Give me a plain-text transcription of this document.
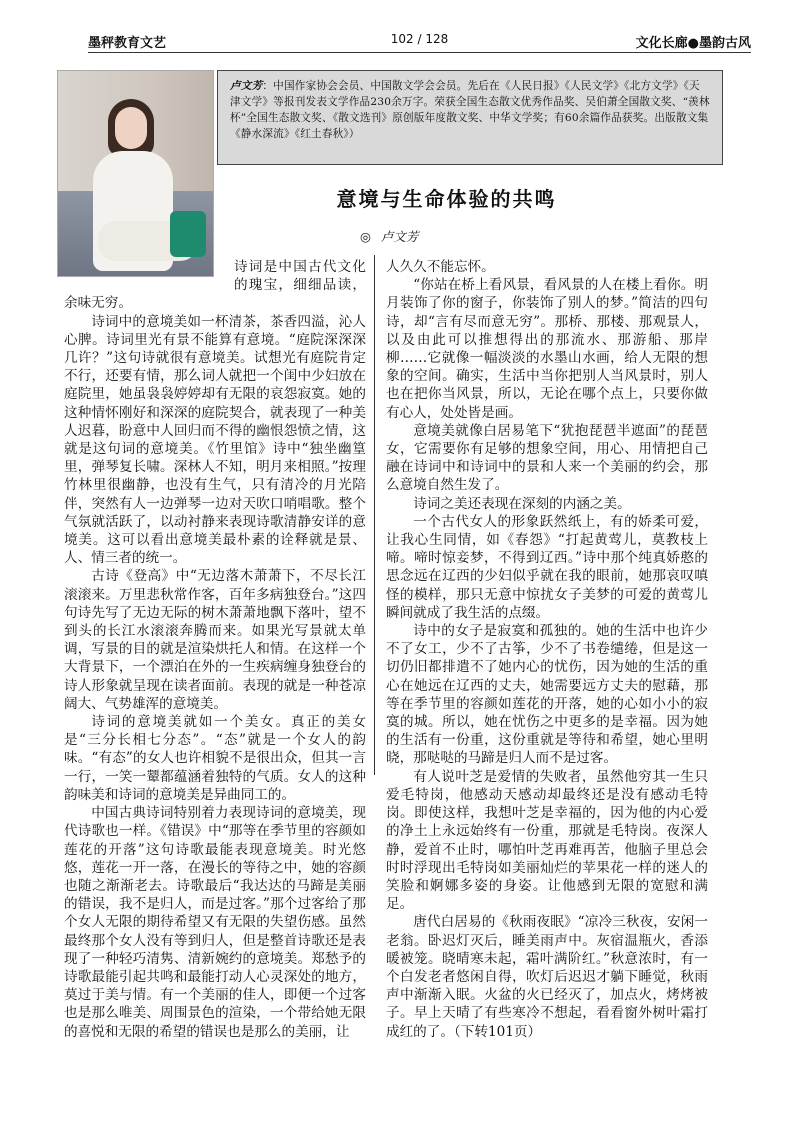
墨秤教育文艺	102 / 128	文化长廊●墨韵古风
卢文芳：中国作家协会会员、中国散文学会会员。先后在《人民日报》《人民文学》《北方文学》《天津文学》等报刊发表文学作品230余万字。荣获全国生态散文优秀作品奖、吴伯萧全国散文奖、“羡林杯”全国生态散文奖、《散文选刊》原创版年度散文奖、中华文学奖；有60余篇作品获奖。出版散文集《静水深流》《红土春秋》）
意境与生命体验的共鸣
◎ 卢文芳

诗词是中国古代文化的瑰宝，细细品读，余味无穷。

诗词中的意境美如一杯清茶，茶香四溢，沁人心脾。诗词里光有景不能算有意境。“庭院深深深几许？”这句诗就很有意境美。试想光有庭院肯定不行，还要有情，那么词人就把一个闺中少妇放在庭院里，她虽袅袅婷婷却有无限的哀怨寂寞。她的这种情怀刚好和深深的庭院契合，就表现了一种美人迟暮，盼意中人回归而不得的幽恨怨愤之情，这就是这句词的意境美。《竹里馆》诗中“独坐幽篁里，弹琴复长啸。深林人不知，明月来相照。”按理竹林里很幽静，也没有生气，只有清冷的月光陪伴，突然有人一边弹琴一边对天吹口哨唱歌。整个气氛就活跃了，以动衬静来表现诗歌清静安详的意境美。这可以看出意境美最朴素的诠释就是景、人、情三者的统一。

古诗《登高》中“无边落木萧萧下，不尽长江滚滚来。万里悲秋常作客，百年多病独登台。”这四句诗先写了无边无际的树木萧萧地飘下落叶，望不到头的长江水滚滚奔腾而来。如果光写景就太单调，写景的目的就是渲染烘托人和情。在这样一个大背景下，一个漂泊在外的一生疾病缠身独登台的诗人形象就呈现在读者面前。表现的就是一种苍凉阔大、气势雄浑的意境美。

诗词的意境美就如一个美女。真正的美女是“三分长相七分态”。“态”就是一个女人的韵味。“有态”的女人也许相貌不是很出众，但其一言一行，一笑一颦都蕴涵着独特的气质。女人的这种韵味美和诗词的意境美是异曲同工的。

中国古典诗词特别着力表现诗词的意境美，现代诗歌也一样。《错误》中“那等在季节里的容颜如莲花的开落”这句诗歌最能表现意境美。时光悠悠，莲花一开一落，在漫长的等待之中，她的容颜也随之渐渐老去。诗歌最后“我达达的马蹄是美丽的错误，我不是归人，而是过客。”那个过客给了那个女人无限的期待希望又有无限的失望伤感。虽然最终那个女人没有等到归人，但是整首诗歌还是表现了一种轻巧清隽、清新婉约的意境美。郑愁予的诗歌最能引起共鸣和最能打动人心灵深处的地方，莫过于美与情。有一个美丽的佳人，即便一个过客也是那么唯美、周围景色的渲染，一个带给她无限的喜悦和无限的希望的错误也是那么的美丽，让

人久久不能忘怀。

“你站在桥上看风景，看风景的人在楼上看你。明月装饰了你的窗子，你装饰了别人的梦。”简洁的四句诗，却“言有尽而意无穷”。那桥、那楼、那观景人，以及由此可以推想得出的那流水、那游船、那岸柳……它就像一幅淡淡的水墨山水画，给人无限的想象的空间。确实，生活中当你把别人当风景时，别人也在把你当风景，所以，无论在哪个点上，只要你做有心人，处处皆是画。

意境美就像白居易笔下“犹抱琵琶半遮面”的琵琶女，它需要你有足够的想象空间，用心、用情把自己融在诗词中和诗词中的景和人来一个美丽的约会，那么意境自然生发了。

诗词之美还表现在深刻的内涵之美。

一个古代女人的形象跃然纸上，有的娇柔可爱，让我心生同情，如《春怨》“打起黄莺儿，莫教枝上啼。啼时惊妾梦，不得到辽西。”诗中那个纯真娇憨的思念远在辽西的少妇似乎就在我的眼前，她那哀叹嗔怪的模样，那只无意中惊扰女子美梦的可爱的黄莺儿瞬间就成了我生活的点缀。

诗中的女子是寂寞和孤独的。她的生活中也许少不了女工，少不了古筝，少不了书卷缱绻，但是这一切仍旧都排遣不了她内心的忧伤，因为她的生活的重心在她远在辽西的丈夫，她需要远方丈夫的慰藉，那等在季节里的容颜如莲花的开落，她的心如小小的寂寞的城。所以，她在忧伤之中更多的是幸福。因为她的生活有一份重，这份重就是等待和希望，她心里明晓，那哒哒的马蹄是归人而不是过客。

有人说叶芝是爱情的失败者，虽然他穷其一生只爱毛特岗，他感动天感动却最终还是没有感动毛特岗。即使这样，我想叶芝是幸福的，因为他的内心爱的净土上永远始终有一份重，那就是毛特岗。夜深人静，爱首不止时，哪怕叶芝再难再苦，他脑子里总会时时浮现出毛特岗如美丽灿烂的苹果花一样的迷人的笑脸和婀娜多姿的身姿。让他感到无限的宽慰和满足。

唐代白居易的《秋雨夜眠》“凉冷三秋夜，安闲一老翁。卧迟灯灭后，睡美雨声中。灰宿温瓶火，香添暖被笼。晓晴寒未起，霜叶满阶红。”秋意浓时，有一个白发老者悠闲自得，吹灯后迟迟才躺下睡觉，秋雨声中渐渐入眠。火盆的火已经灭了，加点火，烤烤被子。早上天晴了有些寒冷不想起，看看窗外树叶霜打成红的了。（下转101页）
